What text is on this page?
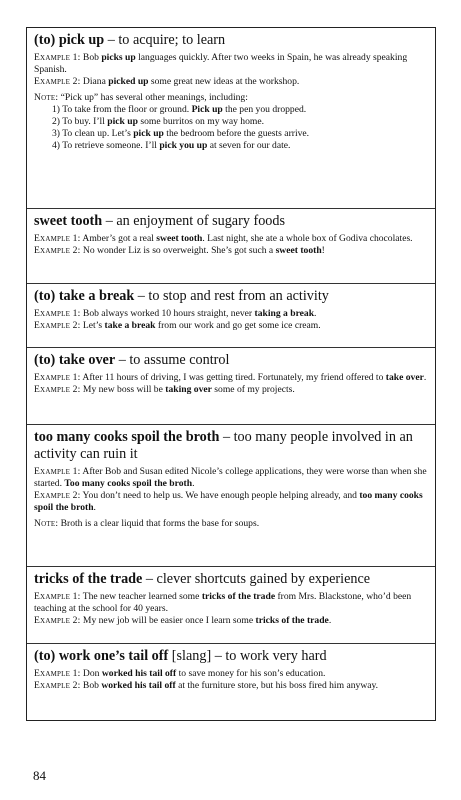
(to) pick up – to acquire; to learn

Example 1: Bob picks up languages quickly. After two weeks in Spain, he was already speaking Spanish.

Example 2: Diana picked up some great new ideas at the workshop.

Note: “Pick up” has several other meanings, including:

1) To take from the floor or ground. Pick up the pen you dropped.
2) To buy. I’ll pick up some burritos on my way home.
3) To clean up. Let’s pick up the bedroom before the guests arrive.
4) To retrieve someone. I’ll pick you up at seven for our date.

sweet tooth – an enjoyment of sugary foods

Example 1: Amber’s got a real sweet tooth. Last night, she ate a whole box of Godiva chocolates.

Example 2: No wonder Liz is so overweight. She’s got such a sweet tooth!

(to) take a break – to stop and rest from an activity

Example 1: Bob always worked 10 hours straight, never taking a break.

Example 2: Let’s take a break from our work and go get some ice cream.

(to) take over – to assume control

Example 1: After 11 hours of driving, I was getting tired. Fortunately, my friend offered to take over.

Example 2: My new boss will be taking over some of my projects.

too many cooks spoil the broth – too many people involved in an activity can ruin it

Example 1: After Bob and Susan edited Nicole’s college applications, they were worse than when she started. Too many cooks spoil the broth.

Example 2: You don’t need to help us. We have enough people helping already, and too many cooks spoil the broth.

Note: Broth is a clear liquid that forms the base for soups.

tricks of the trade – clever shortcuts gained by experience

Example 1: The new teacher learned some tricks of the trade from Mrs. Blackstone, who’d been teaching at the school for 40 years.

Example 2: My new job will be easier once I learn some tricks of the trade.

(to) work one’s tail off [slang] – to work very hard

Example 1: Don worked his tail off to save money for his son’s education.

Example 2: Bob worked his tail off at the furniture store, but his boss fired him anyway.

84
